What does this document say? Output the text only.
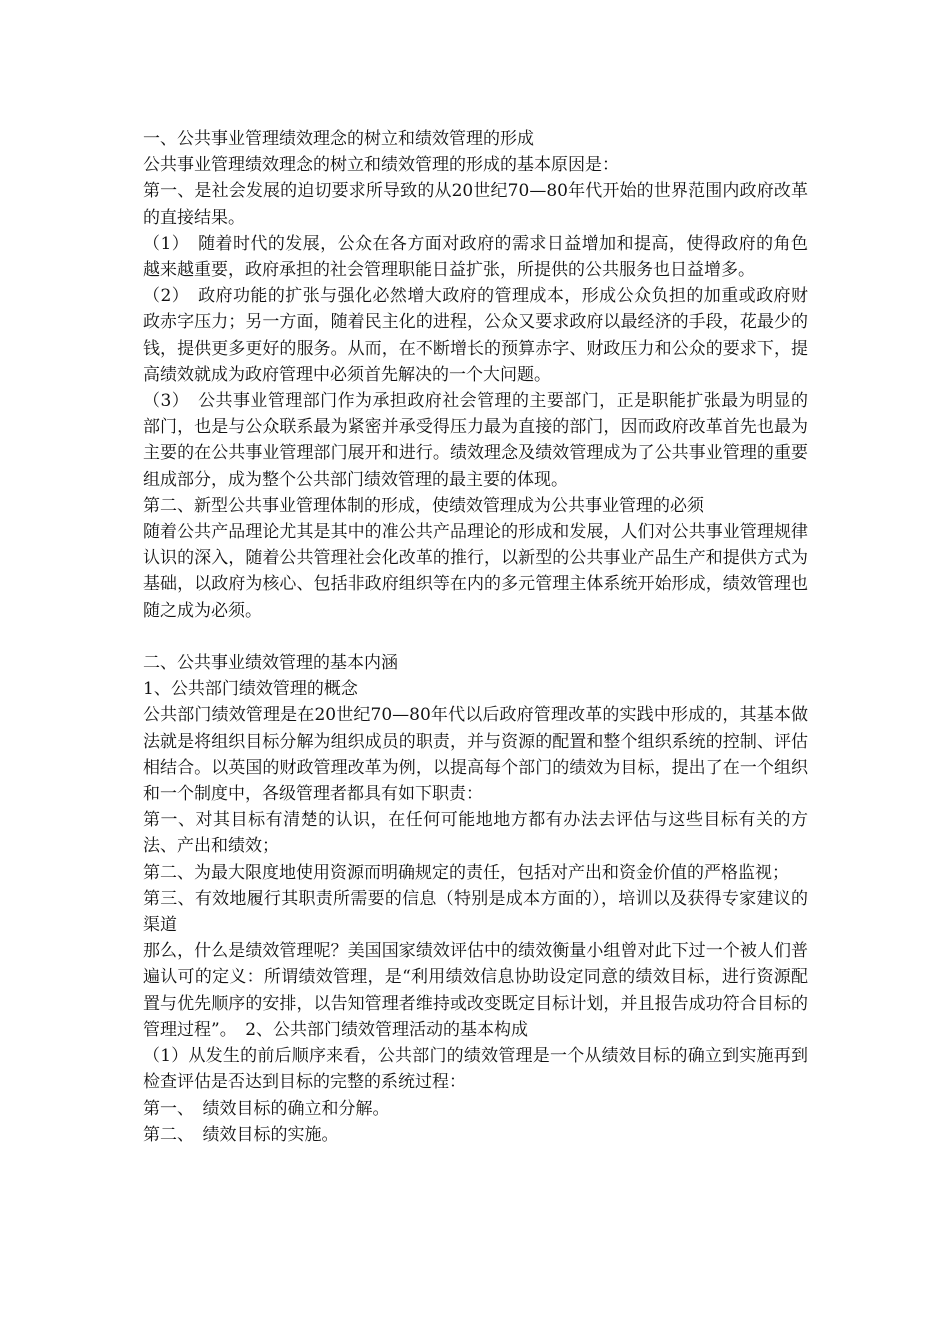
一、公共事业管理绩效理念的树立和绩效管理的形成

公共事业管理绩效理念的树立和绩效管理的形成的基本原因是：

第一、是社会发展的迫切要求所导致的从20世纪70—80年代开始的世界范围内政府改革的直接结果。

（1）　随着时代的发展，公众在各方面对政府的需求日益增加和提高，使得政府的角色越来越重要，政府承担的社会管理职能日益扩张，所提供的公共服务也日益增多。

（2）　政府功能的扩张与强化必然增大政府的管理成本，形成公众负担的加重或政府财政赤字压力；另一方面，随着民主化的进程，公众又要求政府以最经济的手段，花最少的钱，提供更多更好的服务。从而，在不断增长的预算赤字、财政压力和公众的要求下，提高绩效就成为政府管理中必须首先解决的一个大问题。

（3）　公共事业管理部门作为承担政府社会管理的主要部门，正是职能扩张最为明显的部门，也是与公众联系最为紧密并承受得压力最为直接的部门，因而政府改革首先也最为主要的在公共事业管理部门展开和进行。绩效理念及绩效管理成为了公共事业管理的重要组成部分，成为整个公共部门绩效管理的最主要的体现。

第二、新型公共事业管理体制的形成，使绩效管理成为公共事业管理的必须

随着公共产品理论尤其是其中的准公共产品理论的形成和发展，人们对公共事业管理规律认识的深入，随着公共管理社会化改革的推行，以新型的公共事业产品生产和提供方式为基础，以政府为核心、包括非政府组织等在内的多元管理主体系统开始形成，绩效管理也随之成为必须。

二、公共事业绩效管理的基本内涵

1、公共部门绩效管理的概念

公共部门绩效管理是在20世纪70—80年代以后政府管理改革的实践中形成的，其基本做法就是将组织目标分解为组织成员的职责，并与资源的配置和整个组织系统的控制、评估相结合。以英国的财政管理改革为例，以提高每个部门的绩效为目标，提出了在一个组织和一个制度中，各级管理者都具有如下职责：

第一、对其目标有清楚的认识，在任何可能地地方都有办法去评估与这些目标有关的方法、产出和绩效；

第二、为最大限度地使用资源而明确规定的责任，包括对产出和资金价值的严格监视；

第三、有效地履行其职责所需要的信息（特别是成本方面的），培训以及获得专家建议的渠道

那么，什么是绩效管理呢？美国国家绩效评估中的绩效衡量小组曾对此下过一个被人们普遍认可的定义：所谓绩效管理，是“利用绩效信息协助设定同意的绩效目标，进行资源配置与优先顺序的安排，以告知管理者维持或改变既定目标计划，并且报告成功符合目标的管理过程”。　2、公共部门绩效管理活动的基本构成

（1）从发生的前后顺序来看，公共部门的绩效管理是一个从绩效目标的确立到实施再到检查评估是否达到目标的完整的系统过程：

第一、　绩效目标的确立和分解。

第二、　绩效目标的实施。
